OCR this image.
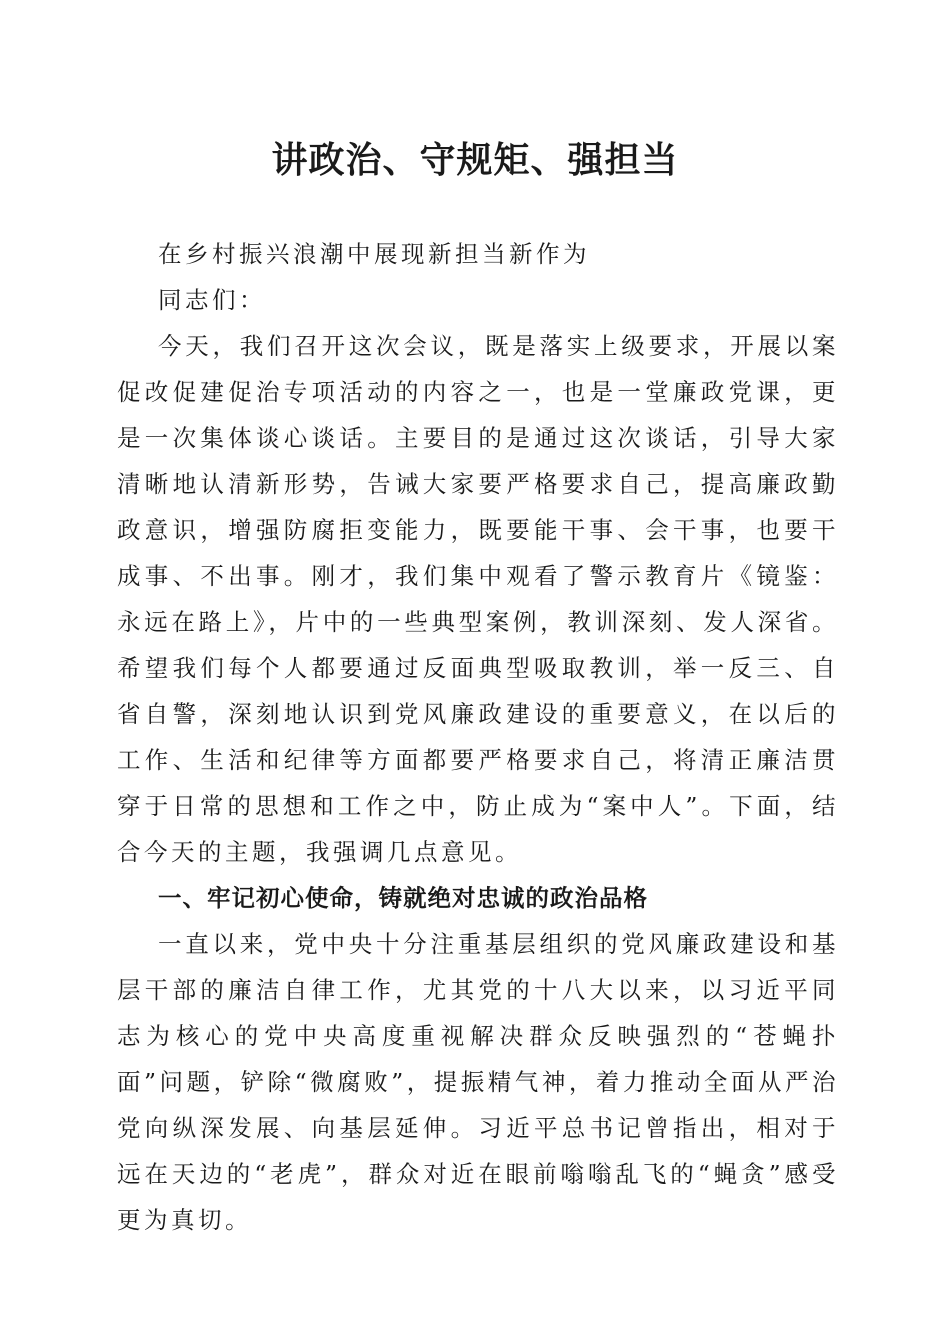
讲政治、守规矩、强担当

在乡村振兴浪潮中展现新担当新作为

同志们：

今天，我们召开这次会议，既是落实上级要求，开展以案促改促建促治专项活动的内容之一，也是一堂廉政党课，更是一次集体谈心谈话。主要目的是通过这次谈话，引导大家清晰地认清新形势，告诫大家要严格要求自己，提高廉政勤政意识，增强防腐拒变能力，既要能干事、会干事，也要干成事、不出事。刚才，我们集中观看了警示教育片《镜鉴：永远在路上》，片中的一些典型案例，教训深刻、发人深省。希望我们每个人都要通过反面典型吸取教训，举一反三、自省自警，深刻地认识到党风廉政建设的重要意义，在以后的工作、生活和纪律等方面都要严格要求自己，将清正廉洁贯穿于日常的思想和工作之中，防止成为“案中人”。下面，结合今天的主题，我强调几点意见。

一、牢记初心使命，铸就绝对忠诚的政治品格

一直以来，党中央十分注重基层组织的党风廉政建设和基层干部的廉洁自律工作，尤其党的十八大以来，以习近平同志为核心的党中央高度重视解决群众反映强烈的“苍蝇扑面”问题，铲除“微腐败”，提振精气神，着力推动全面从严治党向纵深发展、向基层延伸。习近平总书记曾指出，相对于远在天边的“老虎”，群众对近在眼前嗡嗡乱飞的“蝇贪”感受更为真切。
